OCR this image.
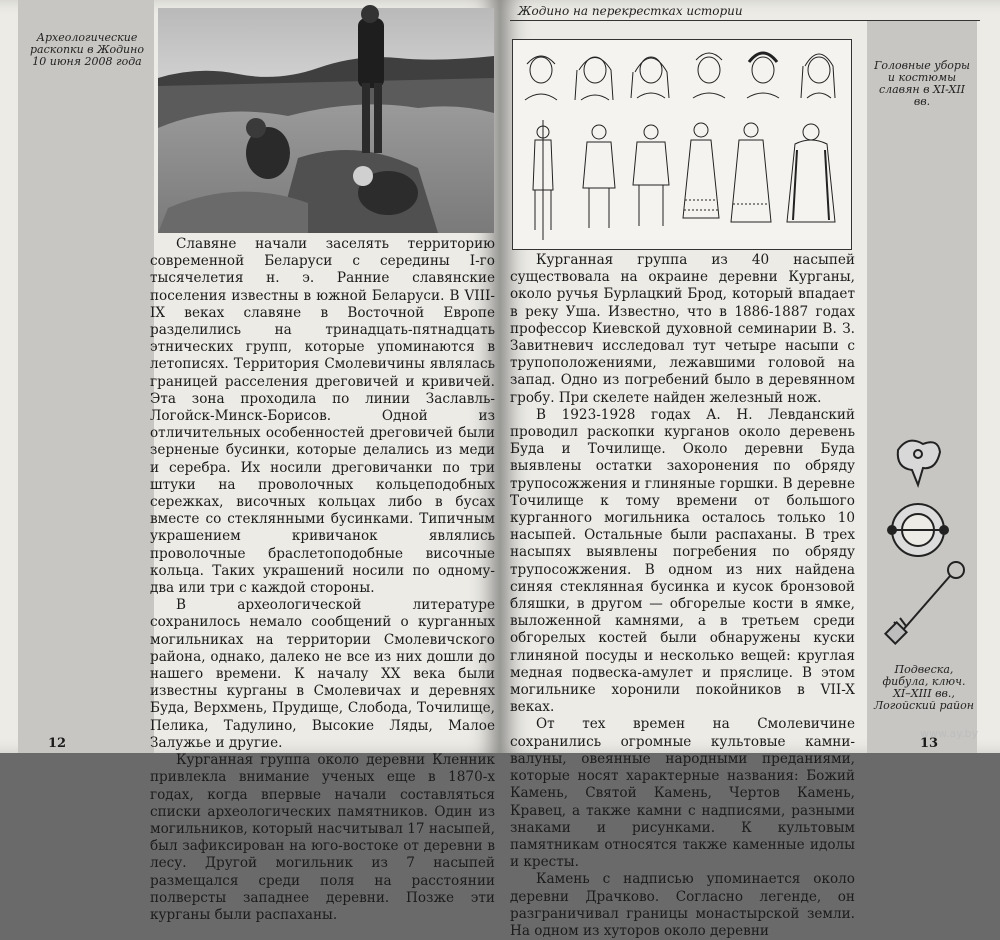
Археологические раскопки в Жодино 10 июня 2008 года

Славяне начали заселять территорию современной Беларуси с середины I-го тысячелетия н. э. Ранние славянские поселения известны в южной Беларуси. В VIII-IX веках славяне в Восточной Европе разделились на тринадцать-пятнадцать этнических групп, которые упоминаются в летописях. Территория Смолевичины являлась границей расселения дреговичей и кривичей. Эта зона проходила по линии Заславль-Логойск-Минск-Борисов. Одной из отличительных особенностей дреговичей были зерненые бусинки, которые делались из меди и серебра. Их носили дреговичанки по три штуки на проволочных кольцеподобных сережках, височных кольцах либо в бусах вместе со стеклянными бусинками. Типичным украшением кривичанок являлись проволочные браслетоподобные височные кольца. Таких украшений носили по одному-два или три с каждой стороны.

В археологической литературе сохранилось немало сообщений о курганных могильниках на территории Смолевичского района, однако, далеко не все из них дошли до нашего времени. К началу XX века были известны курганы в Смолевичах и деревнях Буда, Верхмень, Прудище, Слобода, Точилище, Пелика, Тадулино, Высокие Ляды, Малое Залужье и другие.

Курганная группа около деревни Кленник привлекла внимание ученых еще в 1870-х годах, когда впервые начали составляться списки археологических памятников. Один из могильников, который насчитывал 17 насыпей, был зафиксирован на юго-востоке от деревни в лесу. Другой могильник из 7 насыпей размещался среди поля на расстоянии полверсты западнее деревни. Позже эти курганы были распаханы.

12
Жодино на перекрестках истории
Головные уборы и костюмы славян в XI-XII вв.

Курганная группа из 40 насыпей существовала на окраине деревни Курганы, около ручья Бурлацкий Брод, который впадает в реку Уша. Известно, что в 1886-1887 годах профессор Киевской духовной семинарии В. З. Завитневич исследовал тут четыре насыпи с трупоположениями, лежавшими головой на запад. Одно из погребений было в деревянном гробу. При скелете найден железный нож.

В 1923-1928 годах А. Н. Левданский проводил раскопки курганов около деревень Буда и Точилище. Около деревни Буда выявлены остатки захоронения по обряду трупосожжения и глиняные горшки. В деревне Точилище к тому времени от большого курганного могильника осталось только 10 насыпей. Остальные были распаханы. В трех насыпях выявлены погребения по обряду трупосожжения. В одном из них найдена синяя стеклянная бусинка и кусок бронзовой бляшки, в другом — обгорелые кости в ямке, выложенной камнями, а в третьем среди обгорелых костей были обнаружены куски глиняной посуды и несколько вещей: круглая медная подвеска-амулет и пряслице. В этом могильнике хоронили покойников в VII-X веках.

От тех времен на Смолевичине сохранились огромные культовые камни-валуны, овеянные народными преданиями, которые носят характерные названия: Божий Камень, Святой Камень, Чертов Камень, Кравец, а также камни с надписями, разными знаками и рисунками. К культовым памятникам относятся также каменные идолы и кресты.

Камень с надписью упоминается около деревни Драчково. Согласно легенде, он разграничивал границы монастырской земли. На одном из хуторов около деревни

Подвеска, фибула, ключ. XI–XIII вв., Логойский район
www.ay.by
13
